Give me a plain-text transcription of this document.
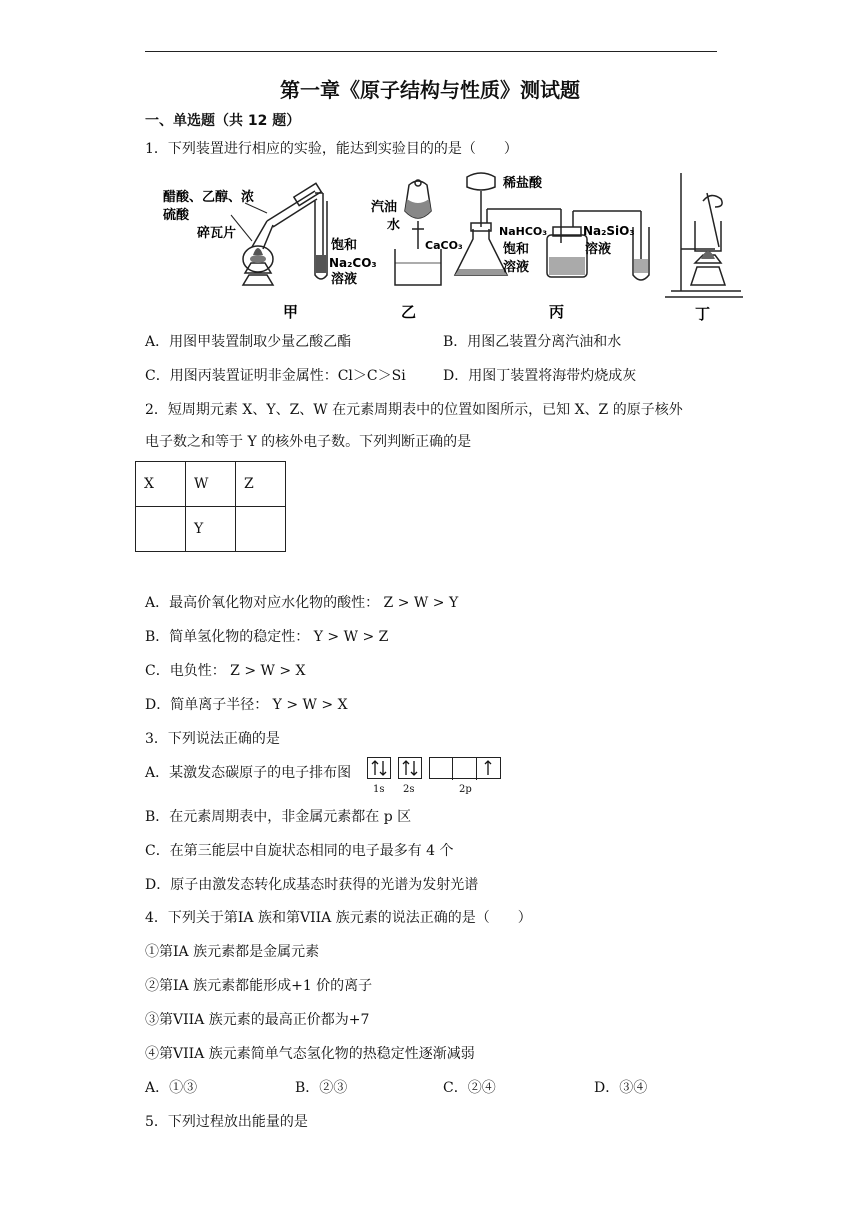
第一章《原子结构与性质》测试题
一、单选题（共 12 题）
1．下列装置进行相应的实验，能达到实验目的的是（　　）
醋酸、乙醇、浓
硫酸
碎瓦片
饱和
Na₂CO₃
溶液
甲
汽油
水
乙
稀盐酸
CaCO₃
NaHCO₃
饱和
溶液
Na₂SiO₃
溶液
丙	丁
A．用图甲装置制取少量乙酸乙酯	B．用图乙装置分离汽油和水
C．用图丙装置证明非金属性：Cl＞C＞Si	D．用图丁装置将海带灼烧成灰
2．短周期元素 X、Y、Z、W 在元素周期表中的位置如图所示，已知 X、Z 的原子核外
电子数之和等于 Y 的核外电子数。下列判断正确的是
X	W	Z
	Y	
A．最高价氧化物对应水化物的酸性： Z > W > Y
B．简单氢化物的稳定性： Y > W > Z
C．电负性： Z > W > X
D．简单离子半径： Y > W > X
3．下列说法正确的是
A．某激发态碳原子的电子排布图
1s 2s	2p
B．在元素周期表中，非金属元素都在 p 区
C．在第三能层中自旋状态相同的电子最多有 4 个
D．原子由激发态转化成基态时获得的光谱为发射光谱
4．下列关于第IA 族和第VIIA 族元素的说法正确的是（　　）
①第IA 族元素都是金属元素
②第IA 族元素都能形成+1 价的离子
③第VIIA 族元素的最高正价都为+7
④第VIIA 族元素简单气态氢化物的热稳定性逐渐减弱
A．①③	B．②③	C．②④	D．③④
5．下列过程放出能量的是
